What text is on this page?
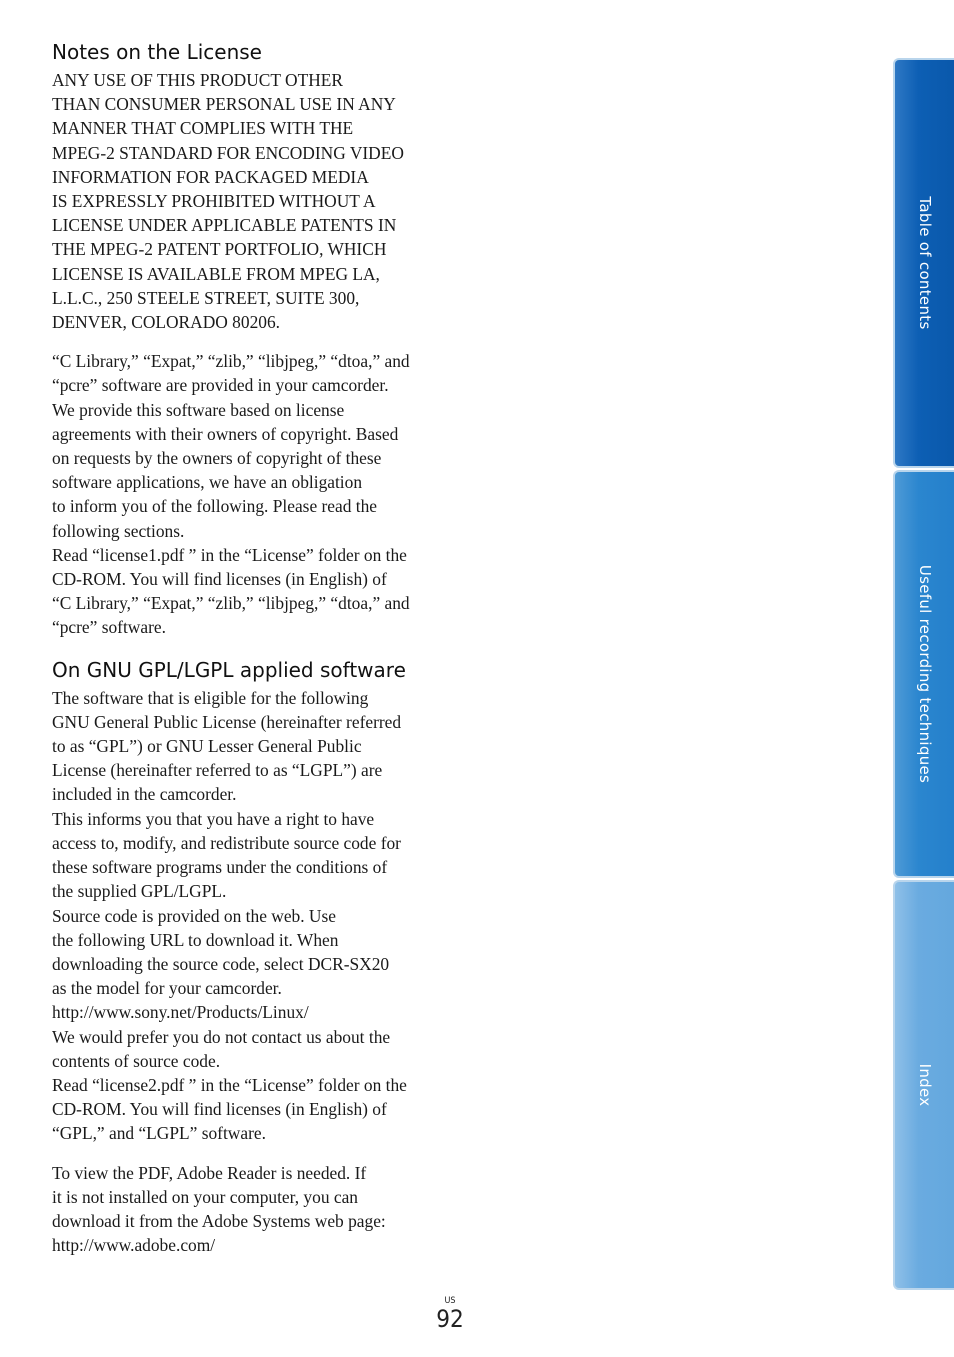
Notes on the License

ANY USE OF THIS PRODUCT OTHER
THAN CONSUMER PERSONAL USE IN ANY
MANNER THAT COMPLIES WITH THE
MPEG-2 STANDARD FOR ENCODING VIDEO
INFORMATION FOR PACKAGED MEDIA
IS EXPRESSLY PROHIBITED WITHOUT A
LICENSE UNDER APPLICABLE PATENTS IN
THE MPEG-2 PATENT PORTFOLIO, WHICH
LICENSE IS AVAILABLE FROM MPEG LA,
L.L.C., 250 STEELE STREET, SUITE 300,
DENVER, COLORADO 80206.

“C Library,” “Expat,” “zlib,” “libjpeg,” “dtoa,” and
“pcre” software are provided in your camcorder.
We provide this software based on license
agreements with their owners of copyright. Based
on requests by the owners of copyright of these
software applications, we have an obligation
to inform you of the following. Please read the
following sections.
Read “license1.pdf ” in the “License” folder on the
CD-ROM. You will find licenses (in English) of
“C Library,” “Expat,” “zlib,” “libjpeg,” “dtoa,” and
“pcre” software.

On GNU GPL/LGPL applied software

The software that is eligible for the following
GNU General Public License (hereinafter referred
to as “GPL”) or GNU Lesser General Public
License (hereinafter referred to as “LGPL”) are
included in the camcorder.
This informs you that you have a right to have
access to, modify, and redistribute source code for
these software programs under the conditions of
the supplied GPL/LGPL.
Source code is provided on the web. Use
the following URL to download it. When
downloading the source code, select DCR-SX20
as the model for your camcorder.
http://www.sony.net/Products/Linux/
We would prefer you do not contact us about the
contents of source code.
Read “license2.pdf ” in the “License” folder on the
CD-ROM. You will find licenses (in English) of
“GPL,” and “LGPL” software.

To view the PDF, Adobe Reader is needed. If
it is not installed on your computer, you can
download it from the Adobe Systems web page:
http://www.adobe.com/

Table of contents
Useful recording techniques
Index
US
92
